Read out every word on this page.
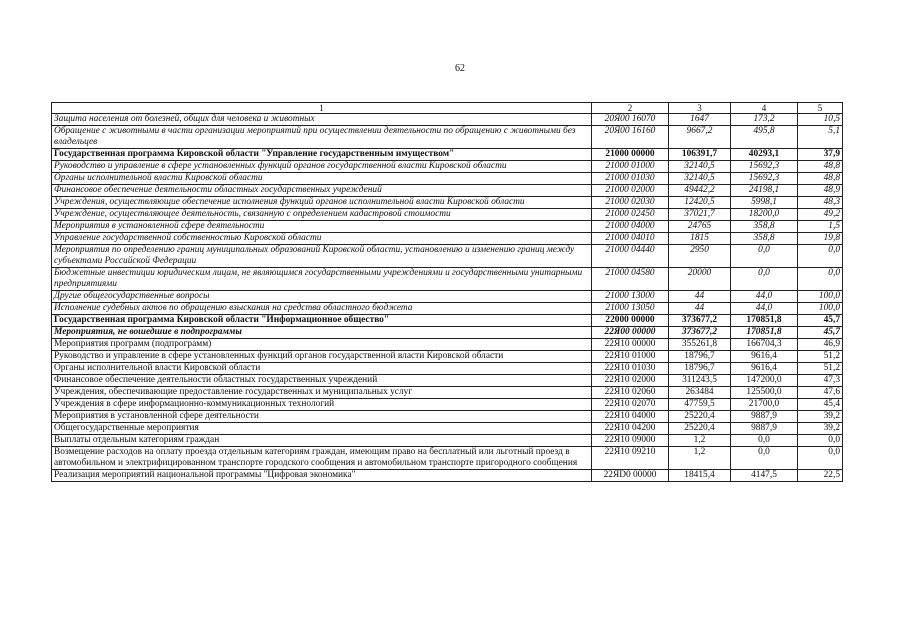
62
1	2	3	4	5
Защита населения от болезней, общих для человека и животных	20Я00 16070	1647	173,2	10,5
Обращение с животными в части организации мероприятий при осуществлении деятельности по обращению с животными без владельцев	20Я00 16160	9667,2	495,8	5,1
Государственная программа Кировской области "Управление государственным имуществом"	21000 00000	106391,7	40293,1	37,9
Руководство и управление в сфере установленных функций органов государственной власти Кировской области	21000 01000	32140,5	15692,3	48,8
Органы исполнительной власти Кировской области	21000 01030	32140,5	15692,3	48,8
Финансовое обеспечение деятельности областных государственных учреждений	21000 02000	49442,2	24198,1	48,9
Учреждения, осуществляющие обеспечение исполнения функций органов исполнительной власти Кировской области	21000 02030	12420,5	5998,1	48,3
Учреждение, осуществляющее деятельность, связанную с определением кадастровой стоимости	21000 02450	37021,7	18200,0	49,2
Мероприятия в установленной сфере деятельности	21000 04000	24765	358,8	1,5
Управление государственной собственностью Кировской области	21000 04010	1815	358,8	19,8
Мероприятия по определению границ муниципальных образований Кировской области, установлению и изменению границ между субъектами Российской Федерации	21000 04440	2950	0,0	0,0
Бюджетные инвестиции юридическим лицам, не являющимся государственными учреждениями и государственными унитарными предприятиями	21000 04580	20000	0,0	0,0
Другие общегосударственные вопросы	21000 13000	44	44,0	100,0
Исполнение судебных актов по обращению взыскания на средства областного бюджета	21000 13050	44	44,0	100,0
Государственная программа Кировской области "Информационное общество"	22000 00000	373677,2	170851,8	45,7
Мероприятия, не вошедшие в подпрограммы	22Я00 00000	373677,2	170851,8	45,7
Мероприятия программ (подпрограмм)	22Я10 00000	355261,8	166704,3	46,9
Руководство и управление в сфере установленных функций органов государственной власти Кировской области	22Я10 01000	18796,7	9616,4	51,2
Органы исполнительной власти Кировской области	22Я10 01030	18796,7	9616,4	51,2
Финансовое обеспечение деятельности областных государственных учреждений	22Я10 02000	311243,5	147200,0	47,3
Учреждения, обеспечивающие предоставление государственных и муниципальных услуг	22Я10 02060	263484	125500,0	47,6
Учреждения в сфере информационно-коммуникационных технологий	22Я10 02070	47759,5	21700,0	45,4
Мероприятия в установленной сфере деятельности	22Я10 04000	25220,4	9887,9	39,2
Общегосударственные мероприятия	22Я10 04200	25220,4	9887,9	39,2
Выплаты отдельным категориям граждан	22Я10 09000	1,2	0,0	0,0
Возмещение расходов на оплату проезда отдельным категориям граждан, имеющим право на бесплатный или льготный проезд в автомобильном и электрифицированном транспорте городского сообщения и автомобильном транспорте пригородного сообщения	22Я10 09210	1,2	0,0	0,0
Реализация мероприятий национальной программы "Цифровая экономика"	22ЯD0 00000	18415,4	4147,5	22,5
